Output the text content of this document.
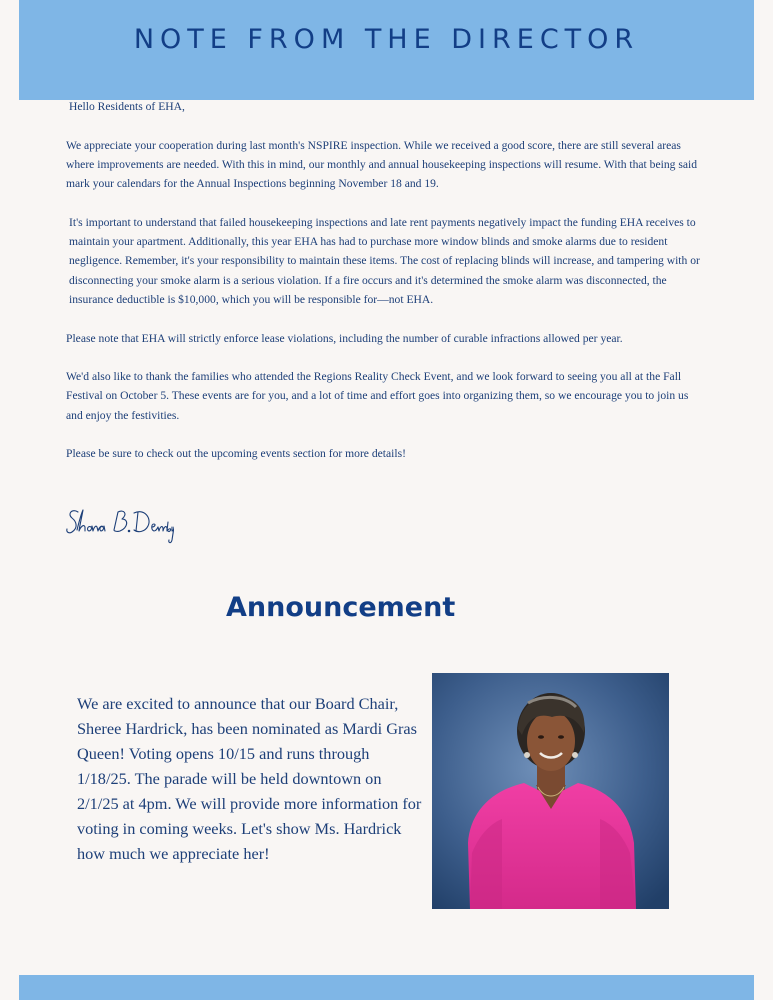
NOTE FROM THE DIRECTOR

Hello Residents of EHA,

We appreciate your cooperation during last month's NSPIRE inspection. While we received a good score, there are still several areas where improvements are needed. With this in mind, our monthly and annual housekeeping inspections will resume. With that being said mark your calendars for the Annual Inspections beginning November 18 and 19.

It's important to understand that failed housekeeping inspections and late rent payments negatively impact the funding EHA receives to maintain your apartment. Additionally, this year EHA has had to purchase more window blinds and smoke alarms due to resident negligence. Remember, it's your responsibility to maintain these items. The cost of replacing blinds will increase, and tampering with or disconnecting your smoke alarm is a serious violation. If a fire occurs and it's determined the smoke alarm was disconnected, the insurance deductible is $10,000, which you will be responsible for—not EHA.

Please note that EHA will strictly enforce lease violations, including the number of curable infractions allowed per year.

We'd also like to thank the families who attended the Regions Reality Check Event, and we look forward to seeing you all at the Fall Festival on October 5. These events are for you, and a lot of time and effort goes into organizing them, so we encourage you to join us and enjoy the festivities.

Please be sure to check out the upcoming events section for more details!

Announcement

We are excited to announce that our Board Chair, Sheree Hardrick, has been nominated as Mardi Gras Queen! Voting opens 10/15 and runs through 1/18/25. The parade will be held downtown on 2/1/25 at 4pm. We will provide more information for voting in coming weeks. Let's show Ms. Hardrick how much we appreciate her!
